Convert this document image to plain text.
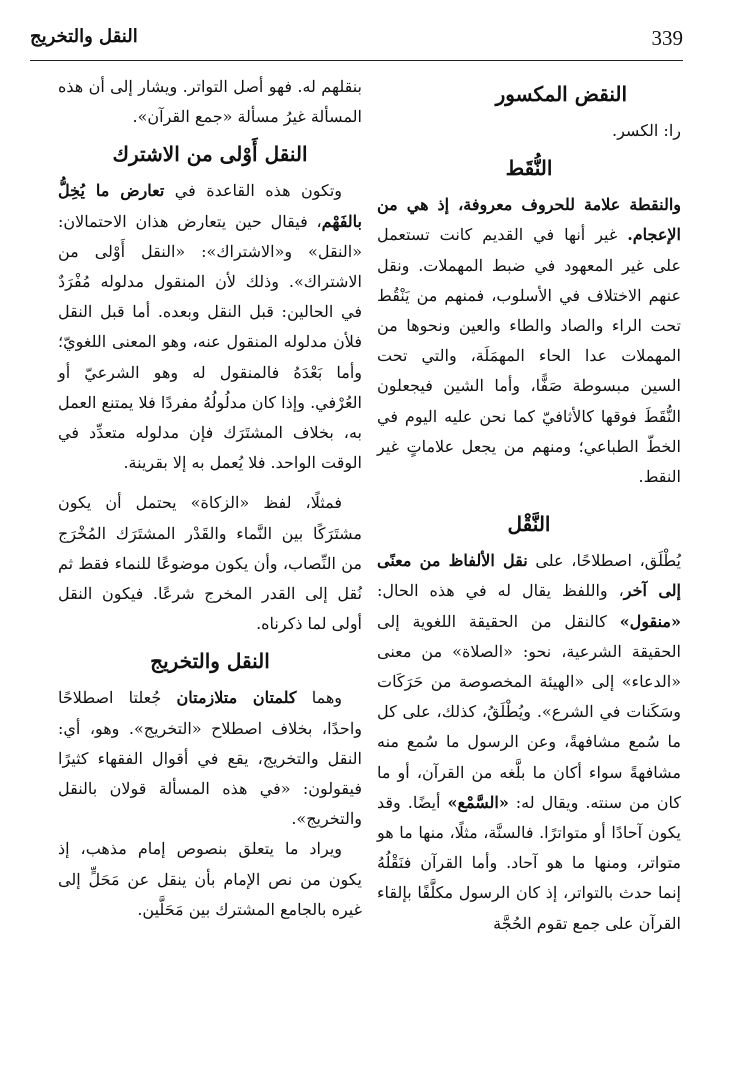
339
النقل والتخريج
النقض المكسور

را: الكسر.

النُّقَط

والنقطة علامة للحروف معروفة، إذ هي من الإعجام. غير أنها في القديم كانت تستعمل على غير المعهود في ضبط المهملات. ونقل عنهم الاختلاف في الأسلوب، فمنهم من يَنْقُط تحت الراء والصاد والطاء والعين ونحوها من المهملات عدا الحاء المهمَلَة، والتي تحت السين مبسوطة صَفًّا، وأما الشين فيجعلون النُّقَطَ فوقها كالأثافيّ كما نحن عليه اليوم في الخطّ الطباعي؛ ومنهم من يجعل علاماتٍ غير النقط.

النَّقْل

يُطْلَق، اصطلاحًا، على نقل الألفاظ من معنًى إلى آخر، واللفظ يقال له في هذه الحال: «منقول» كالنقل من الحقيقة اللغوية إلى الحقيقة الشرعية، نحو: «الصلاة» من معنى «الدعاء» إلى «الهيئة المخصوصة من حَرَكَات وسَكَنات في الشرع». ويُطْلَقُ، كذلك، على كل ما سُمع مشافهةً، وعن الرسول ما سُمع منه مشافهةً سواء أكان ما بلَّغه من القرآن، أو ما كان من سنته. ويقال له: «السَّمْع» أيضًا. وقد يكون آحادًا أو متواترًا. فالسنَّة، مثلًا، منها ما هو متواتر، ومنها ما هو آحاد. وأما القرآن فنَقْلُهُ إنما حدث بالتواتر، إذ كان الرسول مكلَّفًا بإلقاء القرآن على جمع تقوم الحُجَّة

بنقلهم له. فهو أصل التواتر. ويشار إلى أن هذه المسألة غيرُ مسألة «جمع القرآن».

النقل أَوْلى من الاشترك

وتكون هذه القاعدة في تعارض ما يُخِلُّ بالفَهْم، فيقال حين يتعارض هذان الاحتمالان: «النقل» و«الاشتراك»: «النقل أَوْلى من الاشتراك». وذلك لأن المنقول مدلوله مُفْرَدٌ في الحالين: قبل النقل وبعده. أما قبل النقل فلأن مدلوله المنقول عنه، وهو المعنى اللغويّ؛ وأما بَعْدَهُ فالمنقول له وهو الشرعيّ أو العُرْفي. وإذا كان مدلُولُهُ مفردًا فلا يمتنع العمل به، بخلاف المشتَرَك فإن مدلوله متعدِّد في الوقت الواحد. فلا يُعمل به إلا بقرينة.

فمثلًا، لفظ «الزكاة» يحتمل أن يكون مشتَرَكًا بين النَّماء والقَدْر المشتَرَك المُخْرَج من النِّصاب، وأن يكون موضوعًا للنماء فقط ثم نُقل إلى القدر المخرج شرعًا. فيكون النقل أولى لما ذكرناه.

النقل والتخريج

وهما كلمتان متلازمتان جُعلتا اصطلاحًا واحدًا، بخلاف اصطلاح «التخريج». وهو، أي: النقل والتخريج، يقع في أقوال الفقهاء كثيرًا فيقولون: «في هذه المسألة قولان بالنقل والتخريج».

ويراد ما يتعلق بنصوص إمام مذهب، إذ يكون من نص الإمام بأن ينقل عن مَحَلٍّ إلى غيره بالجامع المشترك بين مَحَلَّين.
